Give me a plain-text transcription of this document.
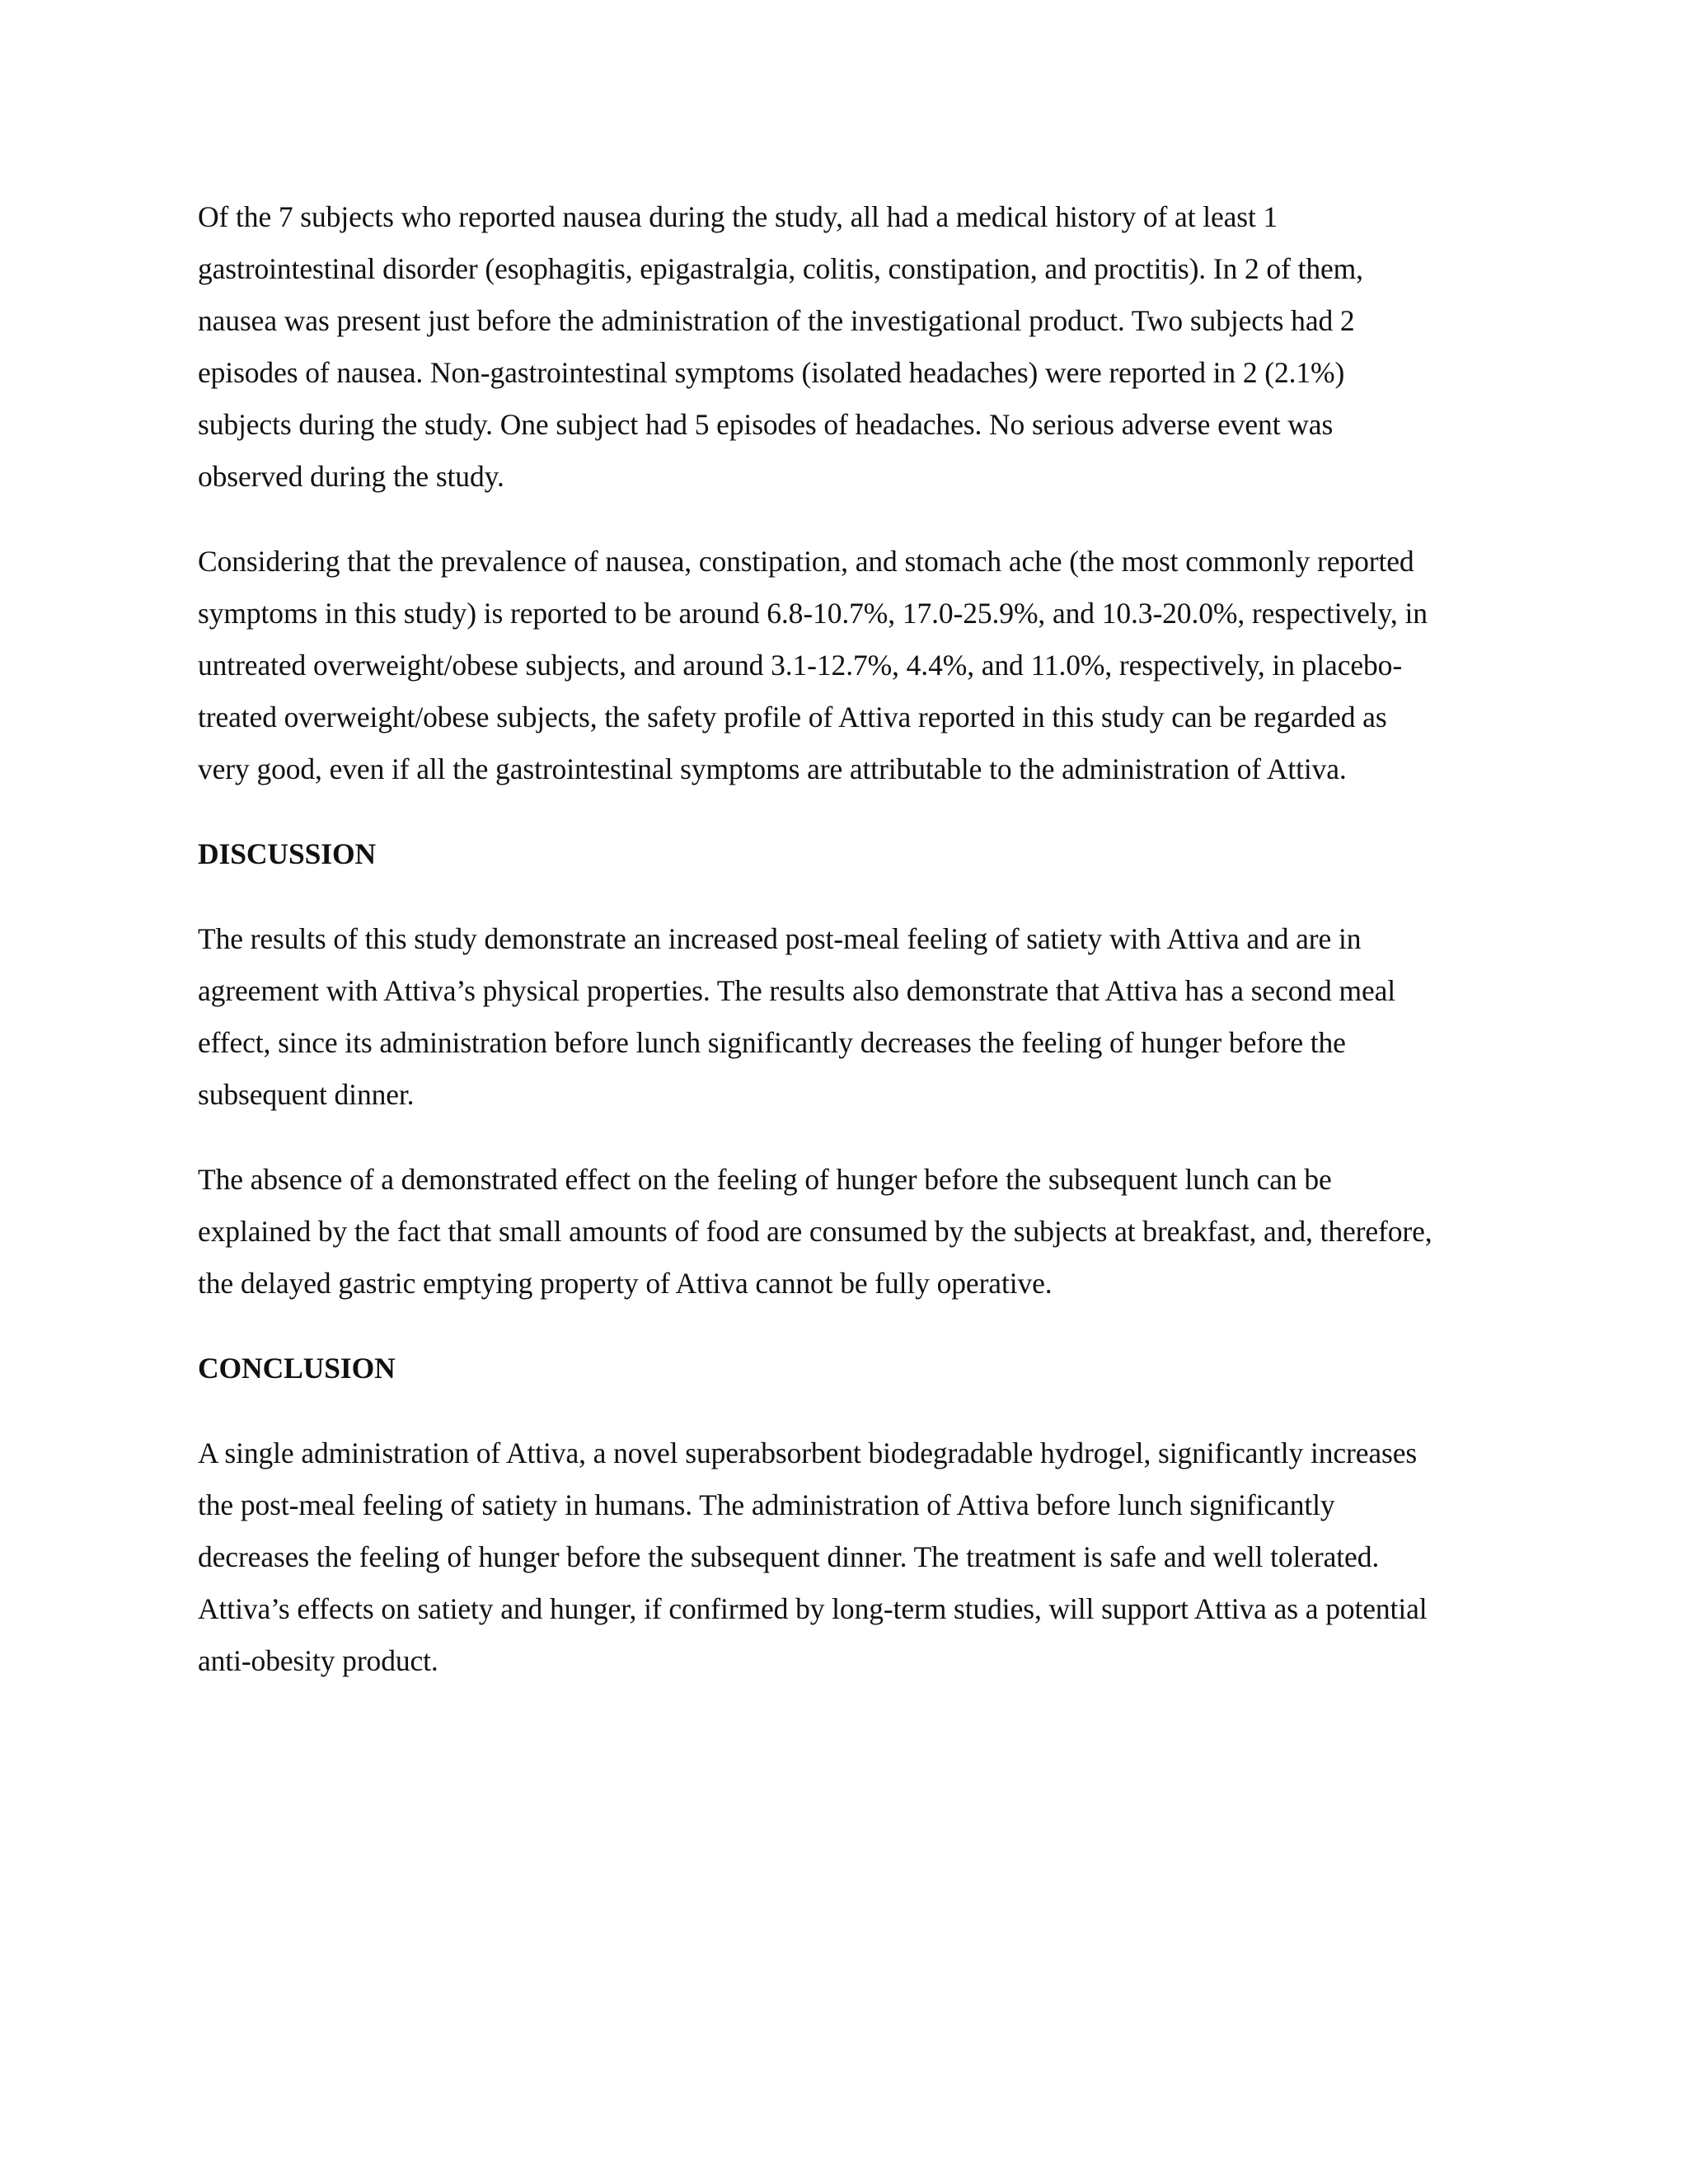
Of the 7 subjects who reported nausea during the study, all had a medical history of at least 1
gastrointestinal disorder (esophagitis, epigastralgia, colitis, constipation, and proctitis). In 2 of them,
nausea was present just before the administration of the investigational product. Two subjects had 2
episodes of nausea. Non-gastrointestinal symptoms (isolated headaches) were reported in 2 (2.1%)
subjects during the study. One subject had 5 episodes of headaches. No serious adverse event was
observed during the study.

Considering that the prevalence of nausea, constipation, and stomach ache (the most commonly reported
symptoms in this study) is reported to be around 6.8-10.7%, 17.0-25.9%, and 10.3-20.0%, respectively, in
untreated overweight/obese subjects, and around 3.1-12.7%, 4.4%, and 11.0%, respectively, in placebo-
treated overweight/obese subjects, the safety profile of Attiva reported in this study can be regarded as
very good, even if all the gastrointestinal symptoms are attributable to the administration of Attiva.

DISCUSSION

The results of this study demonstrate an increased post-meal feeling of satiety with Attiva and are in
agreement with Attiva’s physical properties. The results also demonstrate that Attiva has a second meal
effect, since its administration before lunch significantly decreases the feeling of hunger before the
subsequent dinner.

The absence of a demonstrated effect on the feeling of hunger before the subsequent lunch can be
explained by the fact that small amounts of food are consumed by the subjects at breakfast, and, therefore,
the delayed gastric emptying property of Attiva cannot be fully operative.

CONCLUSION

A single administration of Attiva, a novel superabsorbent biodegradable hydrogel, significantly increases
the post-meal feeling of satiety in humans. The administration of Attiva before lunch significantly
decreases the feeling of hunger before the subsequent dinner. The treatment is safe and well tolerated.
Attiva’s effects on satiety and hunger, if confirmed by long-term studies, will support Attiva as a potential
anti-obesity product.
